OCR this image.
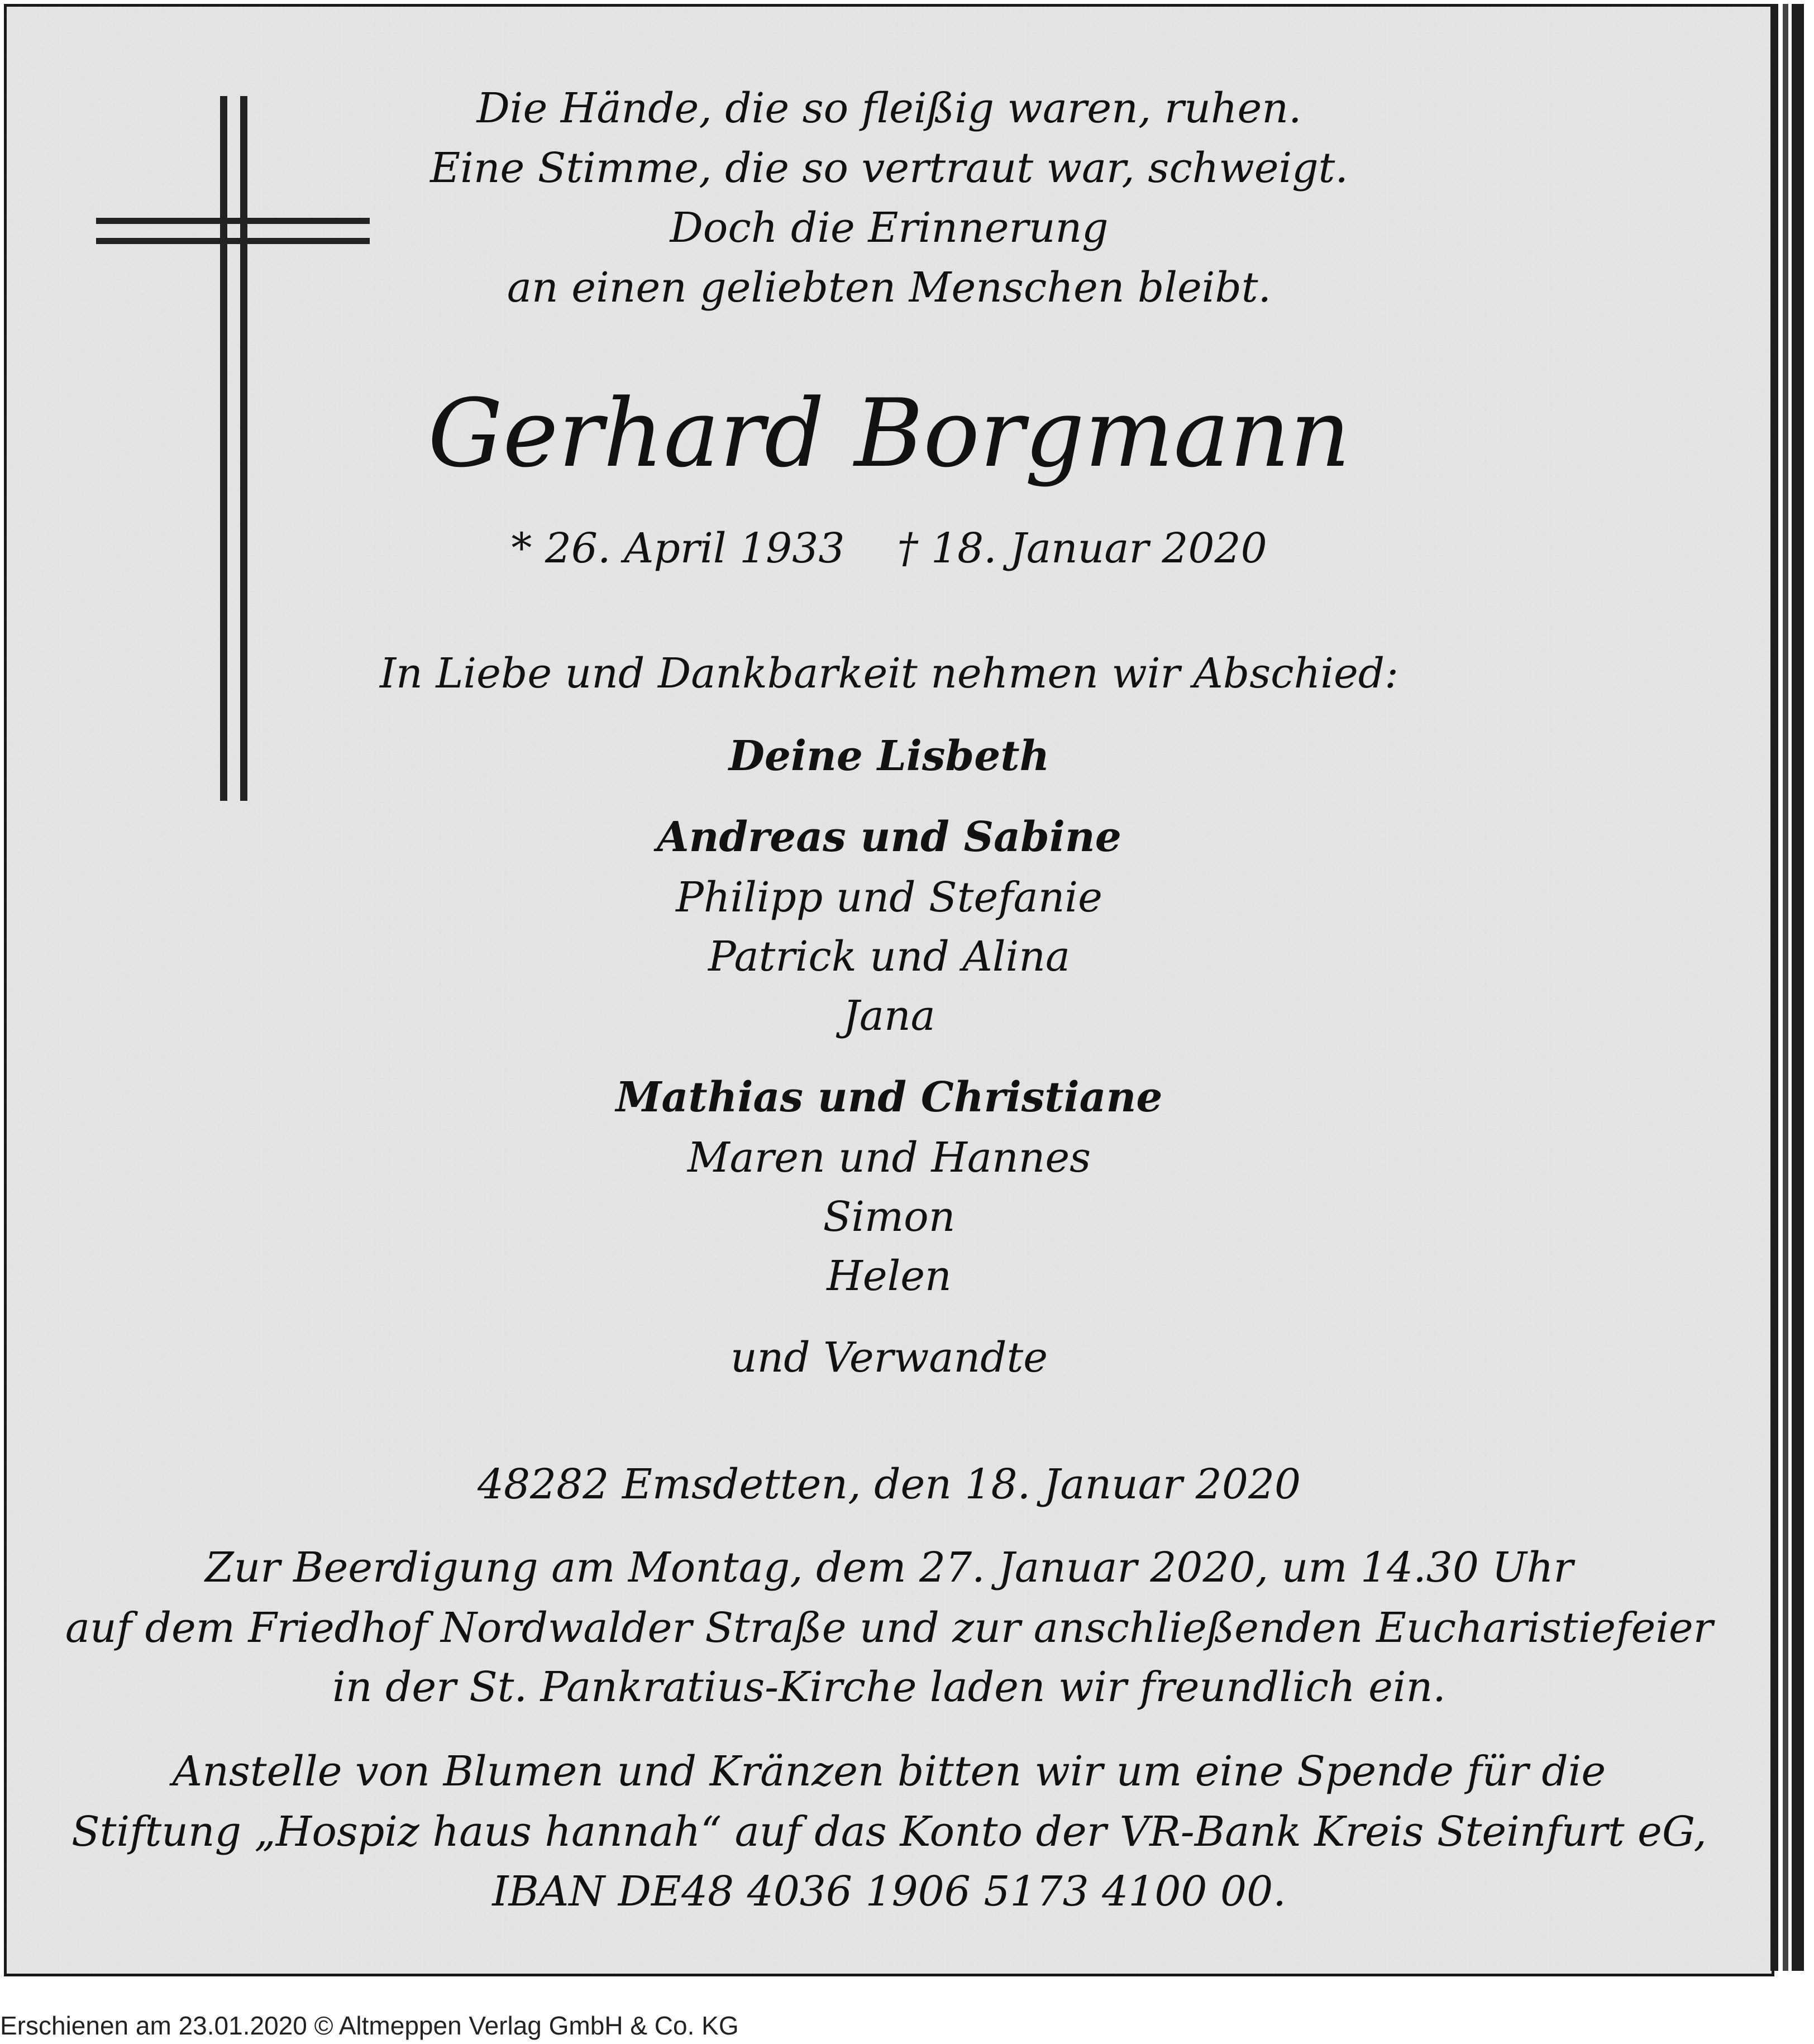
Die Hände, die so fleißig waren, ruhen.
Eine Stimme, die so vertraut war, schweigt.
Doch die Erinnerung
an einen geliebten Menschen bleibt.
Gerhard Borgmann
* 26. April 1933    † 18. Januar 2020
In Liebe und Dankbarkeit nehmen wir Abschied:
Deine Lisbeth
Andreas und Sabine
Philipp und Stefanie
Patrick und Alina
Jana
Mathias und Christiane
Maren und Hannes
Simon
Helen
und Verwandte
48282 Emsdetten, den 18. Januar 2020
Zur Beerdigung am Montag, dem 27. Januar 2020, um 14.30 Uhr
auf dem Friedhof Nordwalder Straße und zur anschließenden Eucharistiefeier
in der St. Pankratius-Kirche laden wir freundlich ein.
Anstelle von Blumen und Kränzen bitten wir um eine Spende für die
Stiftung „Hospiz haus hannah“ auf das Konto der VR-Bank Kreis Steinfurt eG,
IBAN DE48 4036 1906 5173 4100 00.
Erschienen am 23.01.2020 © Altmeppen Verlag GmbH & Co. KG
